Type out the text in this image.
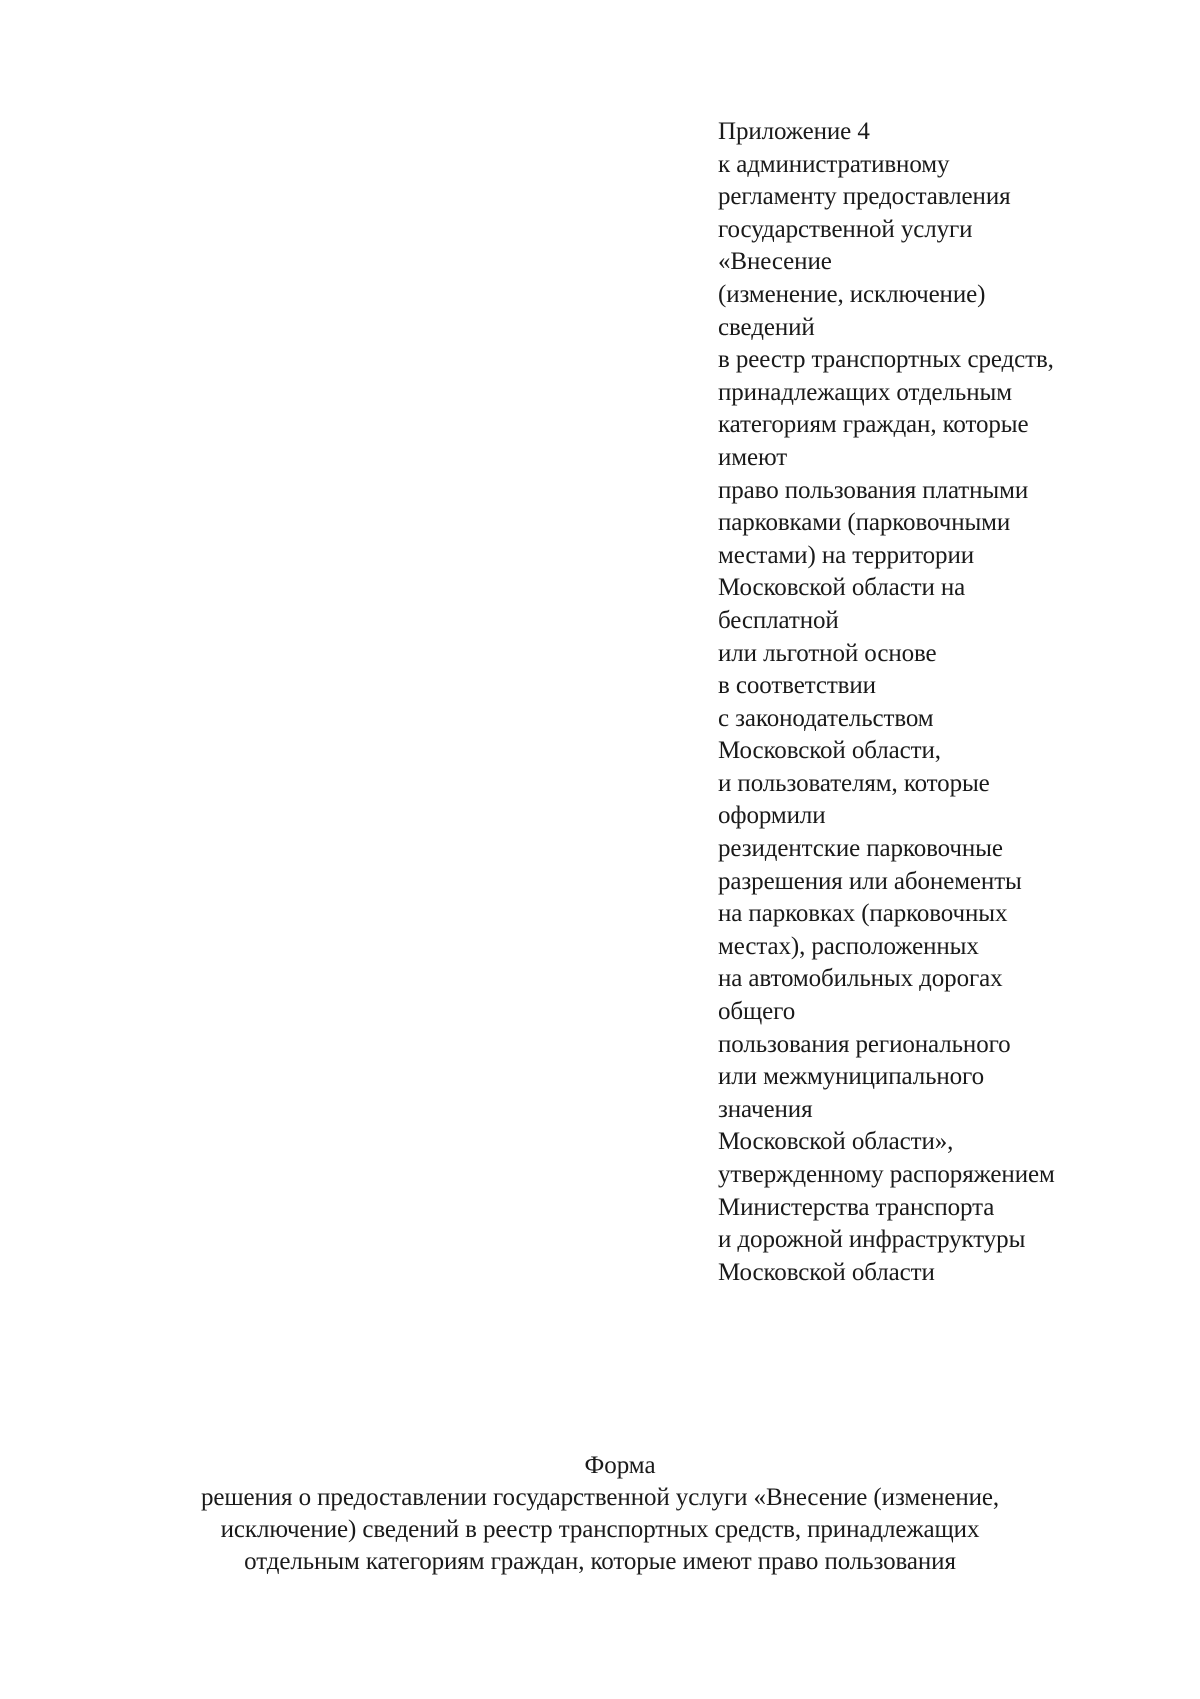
Приложение 4
к административному
регламенту предоставления
государственной услуги
«Внесение
(изменение, исключение)
сведений
в реестр транспортных средств,
принадлежащих отдельным
категориям граждан, которые
имеют
право пользования платными
парковками (парковочными
местами) на территории
Московской области на
бесплатной
или льготной основе
в соответствии
с законодательством
Московской области,
и пользователям, которые
оформили
резидентские парковочные
разрешения или абонементы
на парковках (парковочных
местах), расположенных
на автомобильных дорогах
общего
пользования регионального
или межмуниципального
значения
Московской области»,
утвержденному распоряжением
Министерства транспорта
и дорожной инфраструктуры
Московской области
Форма
решения о предоставлении государственной услуги «Внесение (изменение,
исключение) сведений в реестр транспортных средств, принадлежащих
отдельным категориям граждан, которые имеют право пользования
